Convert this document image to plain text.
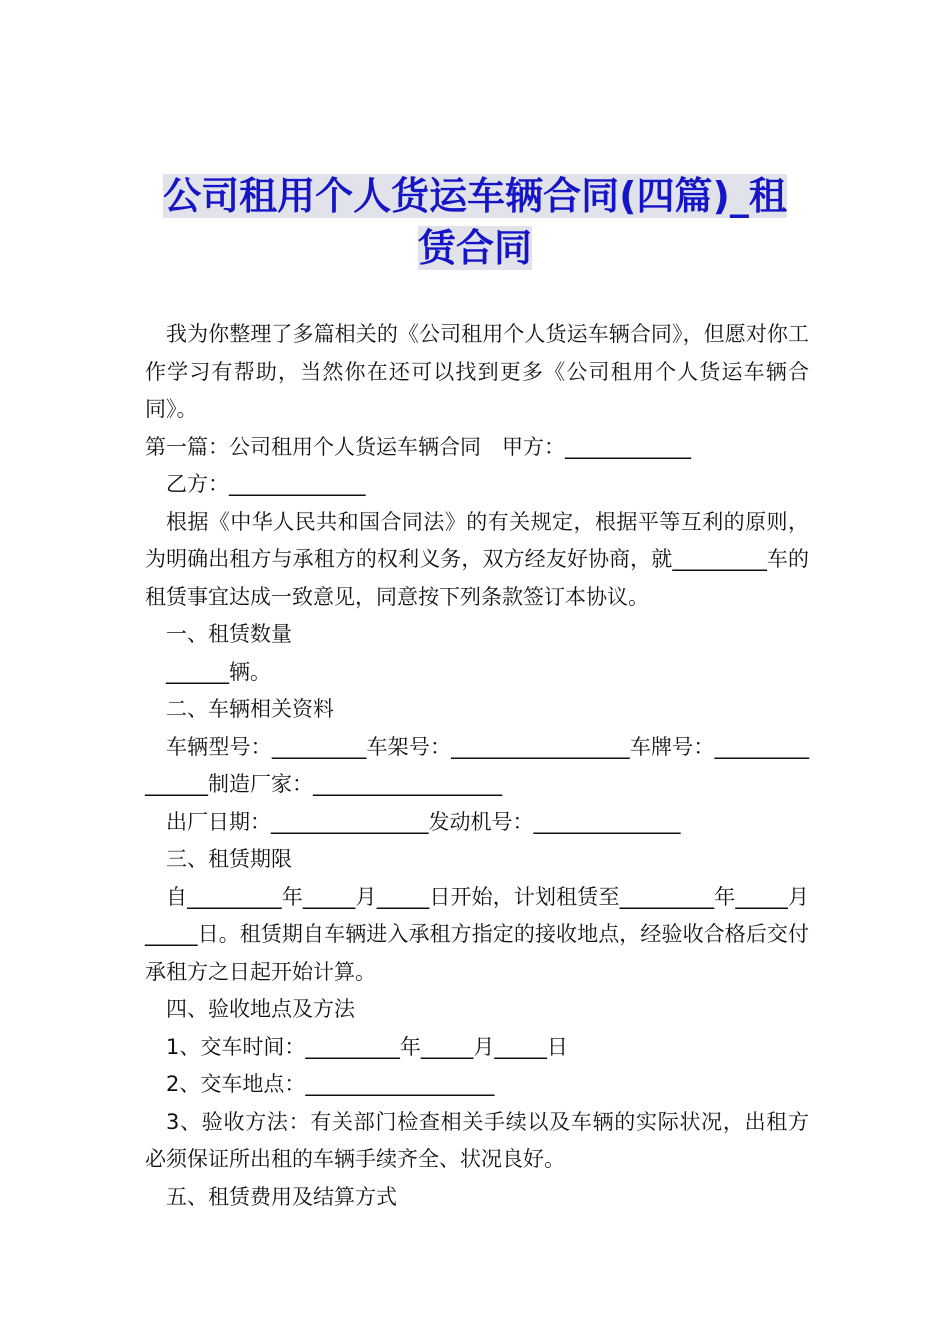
公司租用个人货运车辆合同(四篇)_租
赁合同

我为你整理了多篇相关的《公司租用个人货运车辆合同》，但愿对你工作学习有帮助，当然你在还可以找到更多《公司租用个人货运车辆合同》。

第一篇：公司租用个人货运车辆合同　甲方：____________

乙方：_____________

根据《中华人民共和国合同法》的有关规定，根据平等互利的原则，为明确出租方与承租方的权利义务，双方经友好协商，就_________车的租赁事宜达成一致意见，同意按下列条款签订本协议。

一、租赁数量

______辆。

二、车辆相关资料

车辆型号：_________车架号：_________________车牌号：_______________制造厂家：__________________

出厂日期：_______________发动机号：______________

三、租赁期限

自_________年_____月_____日开始，计划租赁至_________年_____月_____日。租赁期自车辆进入承租方指定的接收地点，经验收合格后交付承租方之日起开始计算。

四、验收地点及方法

1、交车时间：_________年_____月_____日

2、交车地点：__________________

3、验收方法：有关部门检查相关手续以及车辆的实际状况，出租方必须保证所出租的车辆手续齐全、状况良好。

五、租赁费用及结算方式
